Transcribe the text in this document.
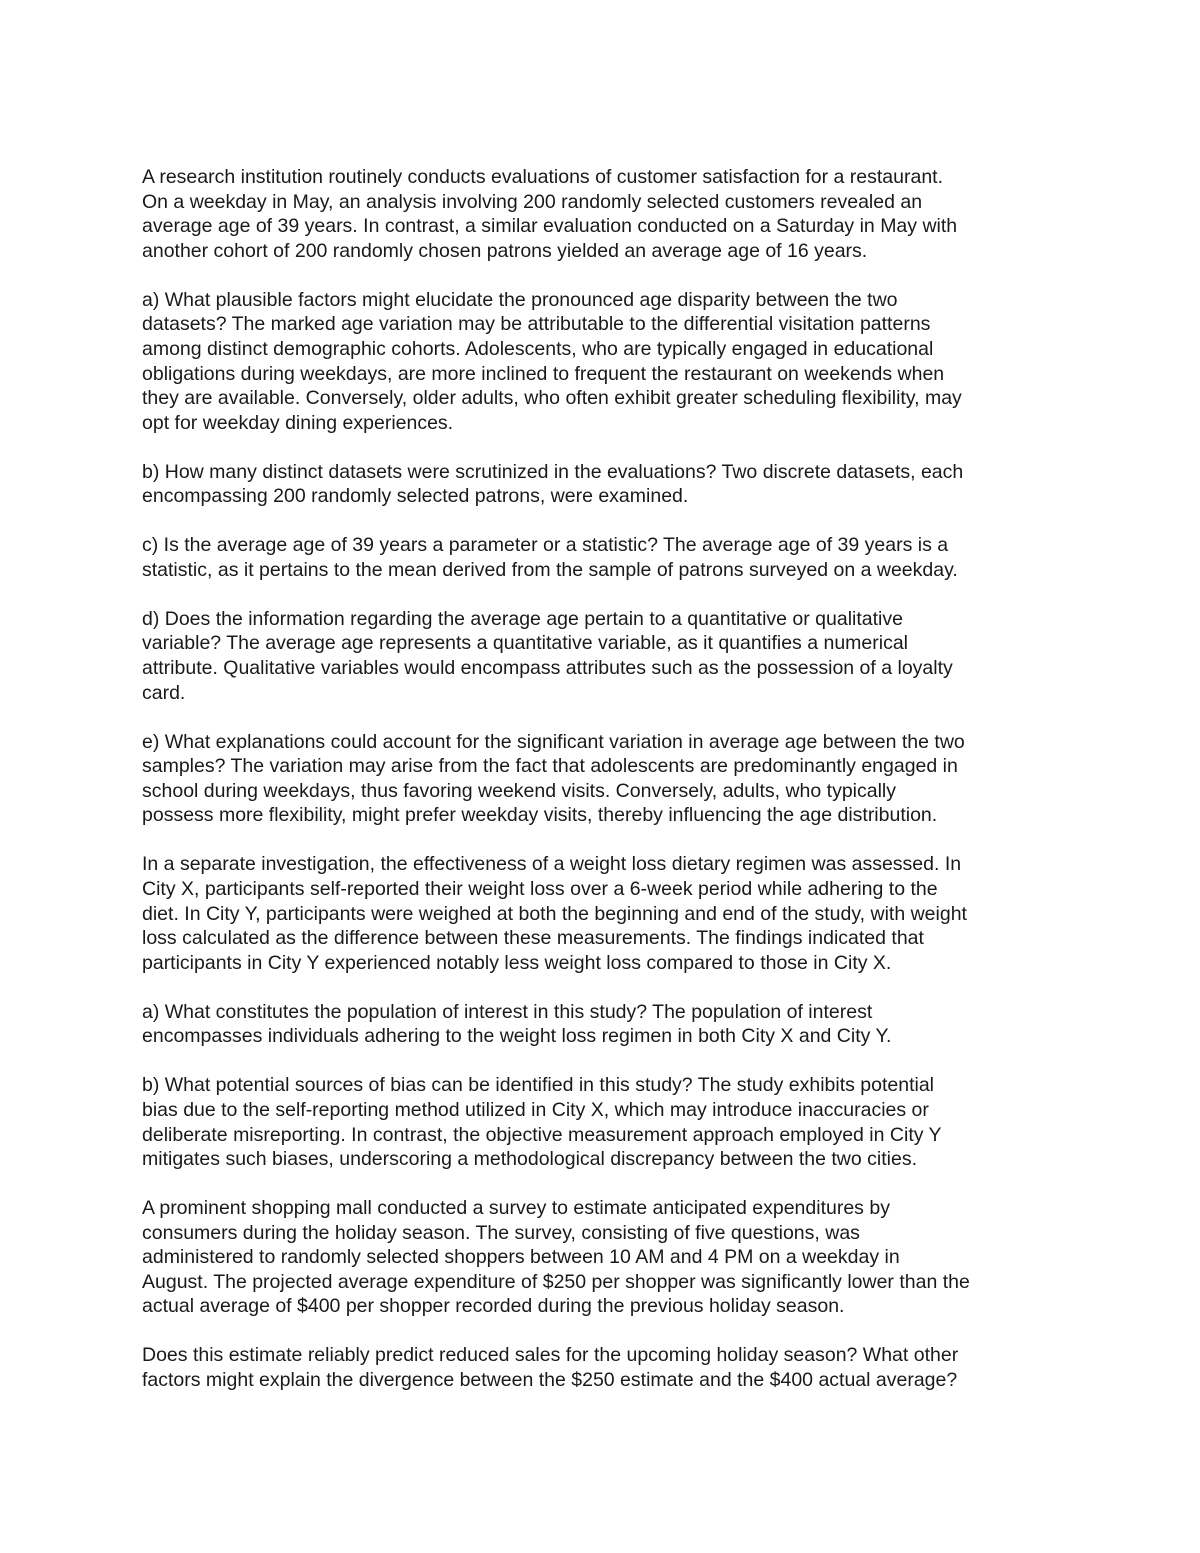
A research institution routinely conducts evaluations of customer satisfaction for a restaurant.
On a weekday in May, an analysis involving 200 randomly selected customers revealed an
average age of 39 years. In contrast, a similar evaluation conducted on a Saturday in May with
another cohort of 200 randomly chosen patrons yielded an average age of 16 years.

a) What plausible factors might elucidate the pronounced age disparity between the two
datasets? The marked age variation may be attributable to the differential visitation patterns
among distinct demographic cohorts. Adolescents, who are typically engaged in educational
obligations during weekdays, are more inclined to frequent the restaurant on weekends when
they are available. Conversely, older adults, who often exhibit greater scheduling flexibility, may
opt for weekday dining experiences.

b) How many distinct datasets were scrutinized in the evaluations? Two discrete datasets, each
encompassing 200 randomly selected patrons, were examined.

c) Is the average age of 39 years a parameter or a statistic? The average age of 39 years is a
statistic, as it pertains to the mean derived from the sample of patrons surveyed on a weekday.

d) Does the information regarding the average age pertain to a quantitative or qualitative
variable? The average age represents a quantitative variable, as it quantifies a numerical
attribute. Qualitative variables would encompass attributes such as the possession of a loyalty
card.

e) What explanations could account for the significant variation in average age between the two
samples? The variation may arise from the fact that adolescents are predominantly engaged in
school during weekdays, thus favoring weekend visits. Conversely, adults, who typically
possess more flexibility, might prefer weekday visits, thereby influencing the age distribution.

In a separate investigation, the effectiveness of a weight loss dietary regimen was assessed. In
City X, participants self-reported their weight loss over a 6-week period while adhering to the
diet. In City Y, participants were weighed at both the beginning and end of the study, with weight
loss calculated as the difference between these measurements. The findings indicated that
participants in City Y experienced notably less weight loss compared to those in City X.

a) What constitutes the population of interest in this study? The population of interest
encompasses individuals adhering to the weight loss regimen in both City X and City Y.

b) What potential sources of bias can be identified in this study? The study exhibits potential
bias due to the self-reporting method utilized in City X, which may introduce inaccuracies or
deliberate misreporting. In contrast, the objective measurement approach employed in City Y
mitigates such biases, underscoring a methodological discrepancy between the two cities.

A prominent shopping mall conducted a survey to estimate anticipated expenditures by
consumers during the holiday season. The survey, consisting of five questions, was
administered to randomly selected shoppers between 10 AM and 4 PM on a weekday in
August. The projected average expenditure of $250 per shopper was significantly lower than the
actual average of $400 per shopper recorded during the previous holiday season.

Does this estimate reliably predict reduced sales for the upcoming holiday season? What other
factors might explain the divergence between the $250 estimate and the $400 actual average?
